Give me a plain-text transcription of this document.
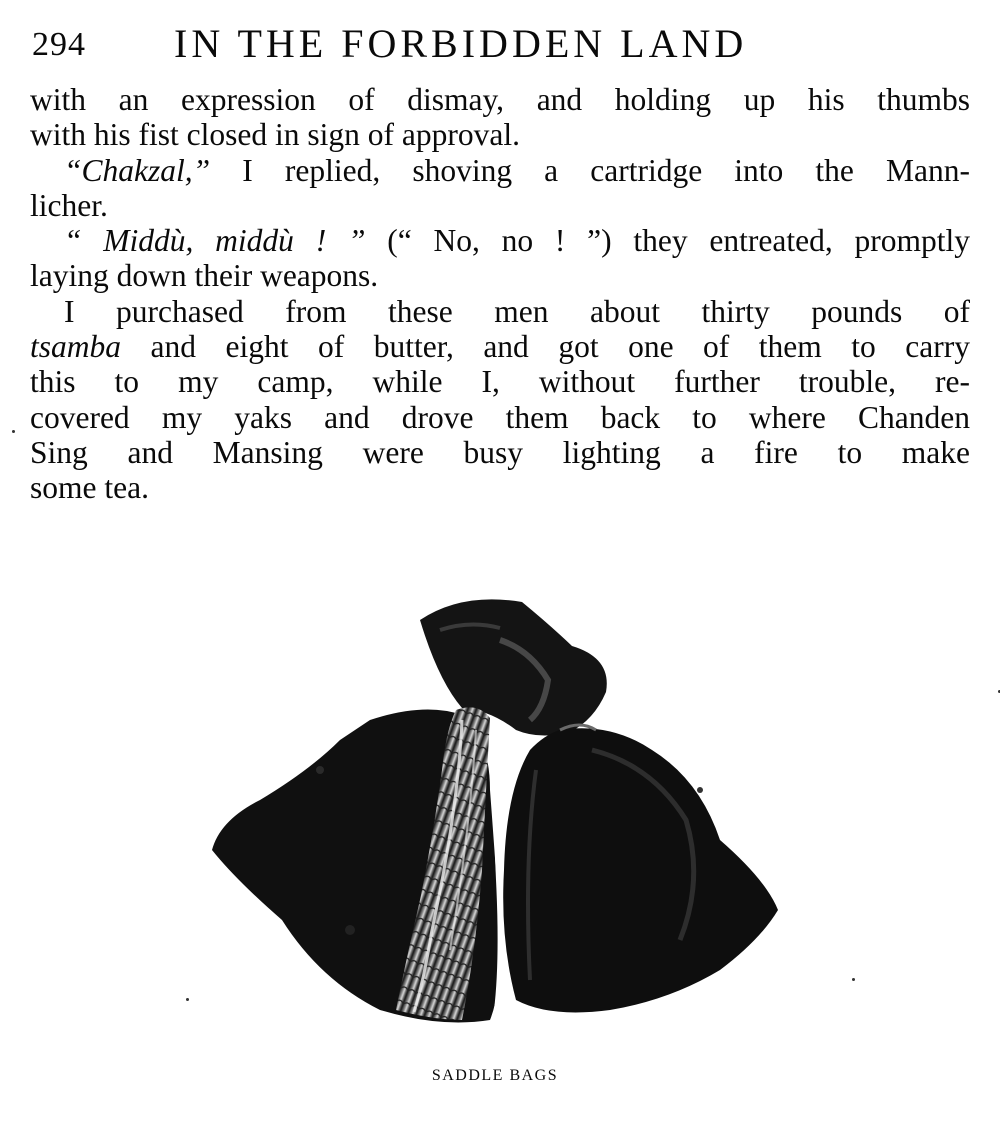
294 IN THE FORBIDDEN LAND
with an expression of dismay, and holding up his thumbs
with his fist closed in sign of approval.
“Chakzal,” I replied, shoving a cartridge into the Mann-
licher.
“ Middù, middù ! ” (“ No, no ! ”) they entreated, promptly
laying down their weapons.
I purchased from these men about thirty pounds of
tsamba and eight of butter, and got one of them to carry
this to my camp, while I, without further trouble, re-
covered my yaks and drove them back to where Chanden
Sing and Mansing were busy lighting a fire to make
some tea.
SADDLE BAGS
